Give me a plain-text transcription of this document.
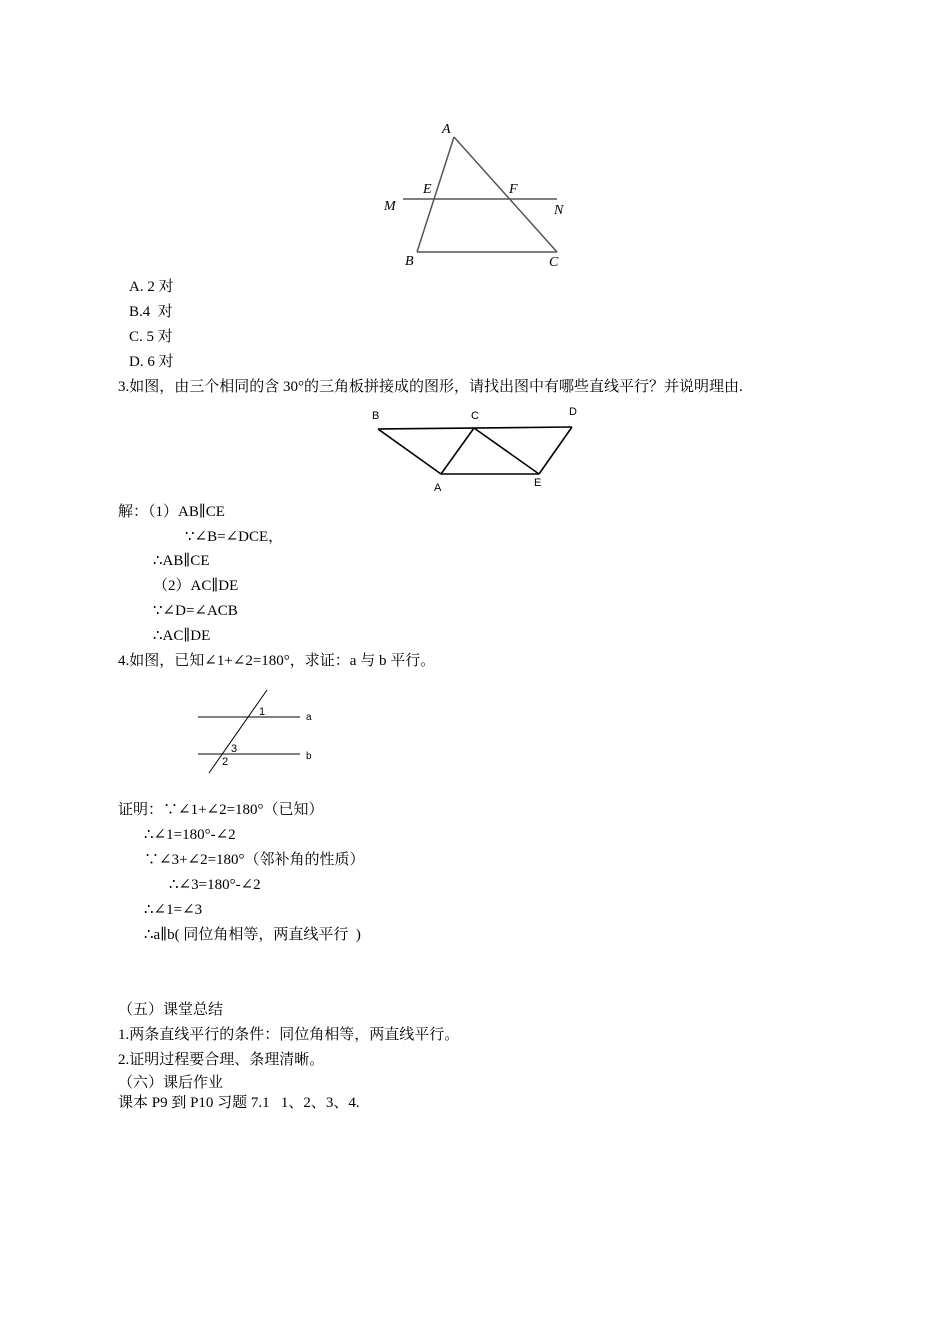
A
E	F
M	N
B	C
A. 2 对
B.4  对
C. 5 对
D. 6 对
3.如图，由三个相同的含 30°的三角板拼接成的图形，请找出图中有哪些直线平行？并说明理由.
B	C	D
A	E
解：（1）AB∥CE
∵∠B=∠DCE，
∴AB∥CE
（2）AC∥DE
∵∠D=∠ACB
∴AC∥DE
4.如图，已知∠1+∠2=180°，求证：a 与 b 平行。
1
3
2
a
b
证明：∵∠1+∠2=180°（已知）
∴∠1=180°-∠2
∵∠3+∠2=180°（邻补角的性质）
∴∠3=180°-∠2
∴∠1=∠3
∴a∥b( 同位角相等，两直线平行  )
（五）课堂总结
1.两条直线平行的条件：同位角相等，两直线平行。
2.证明过程要合理、条理清晰。
（六）课后作业
课本 P9 到 P10 习题 7.1   1、2、3、4.
